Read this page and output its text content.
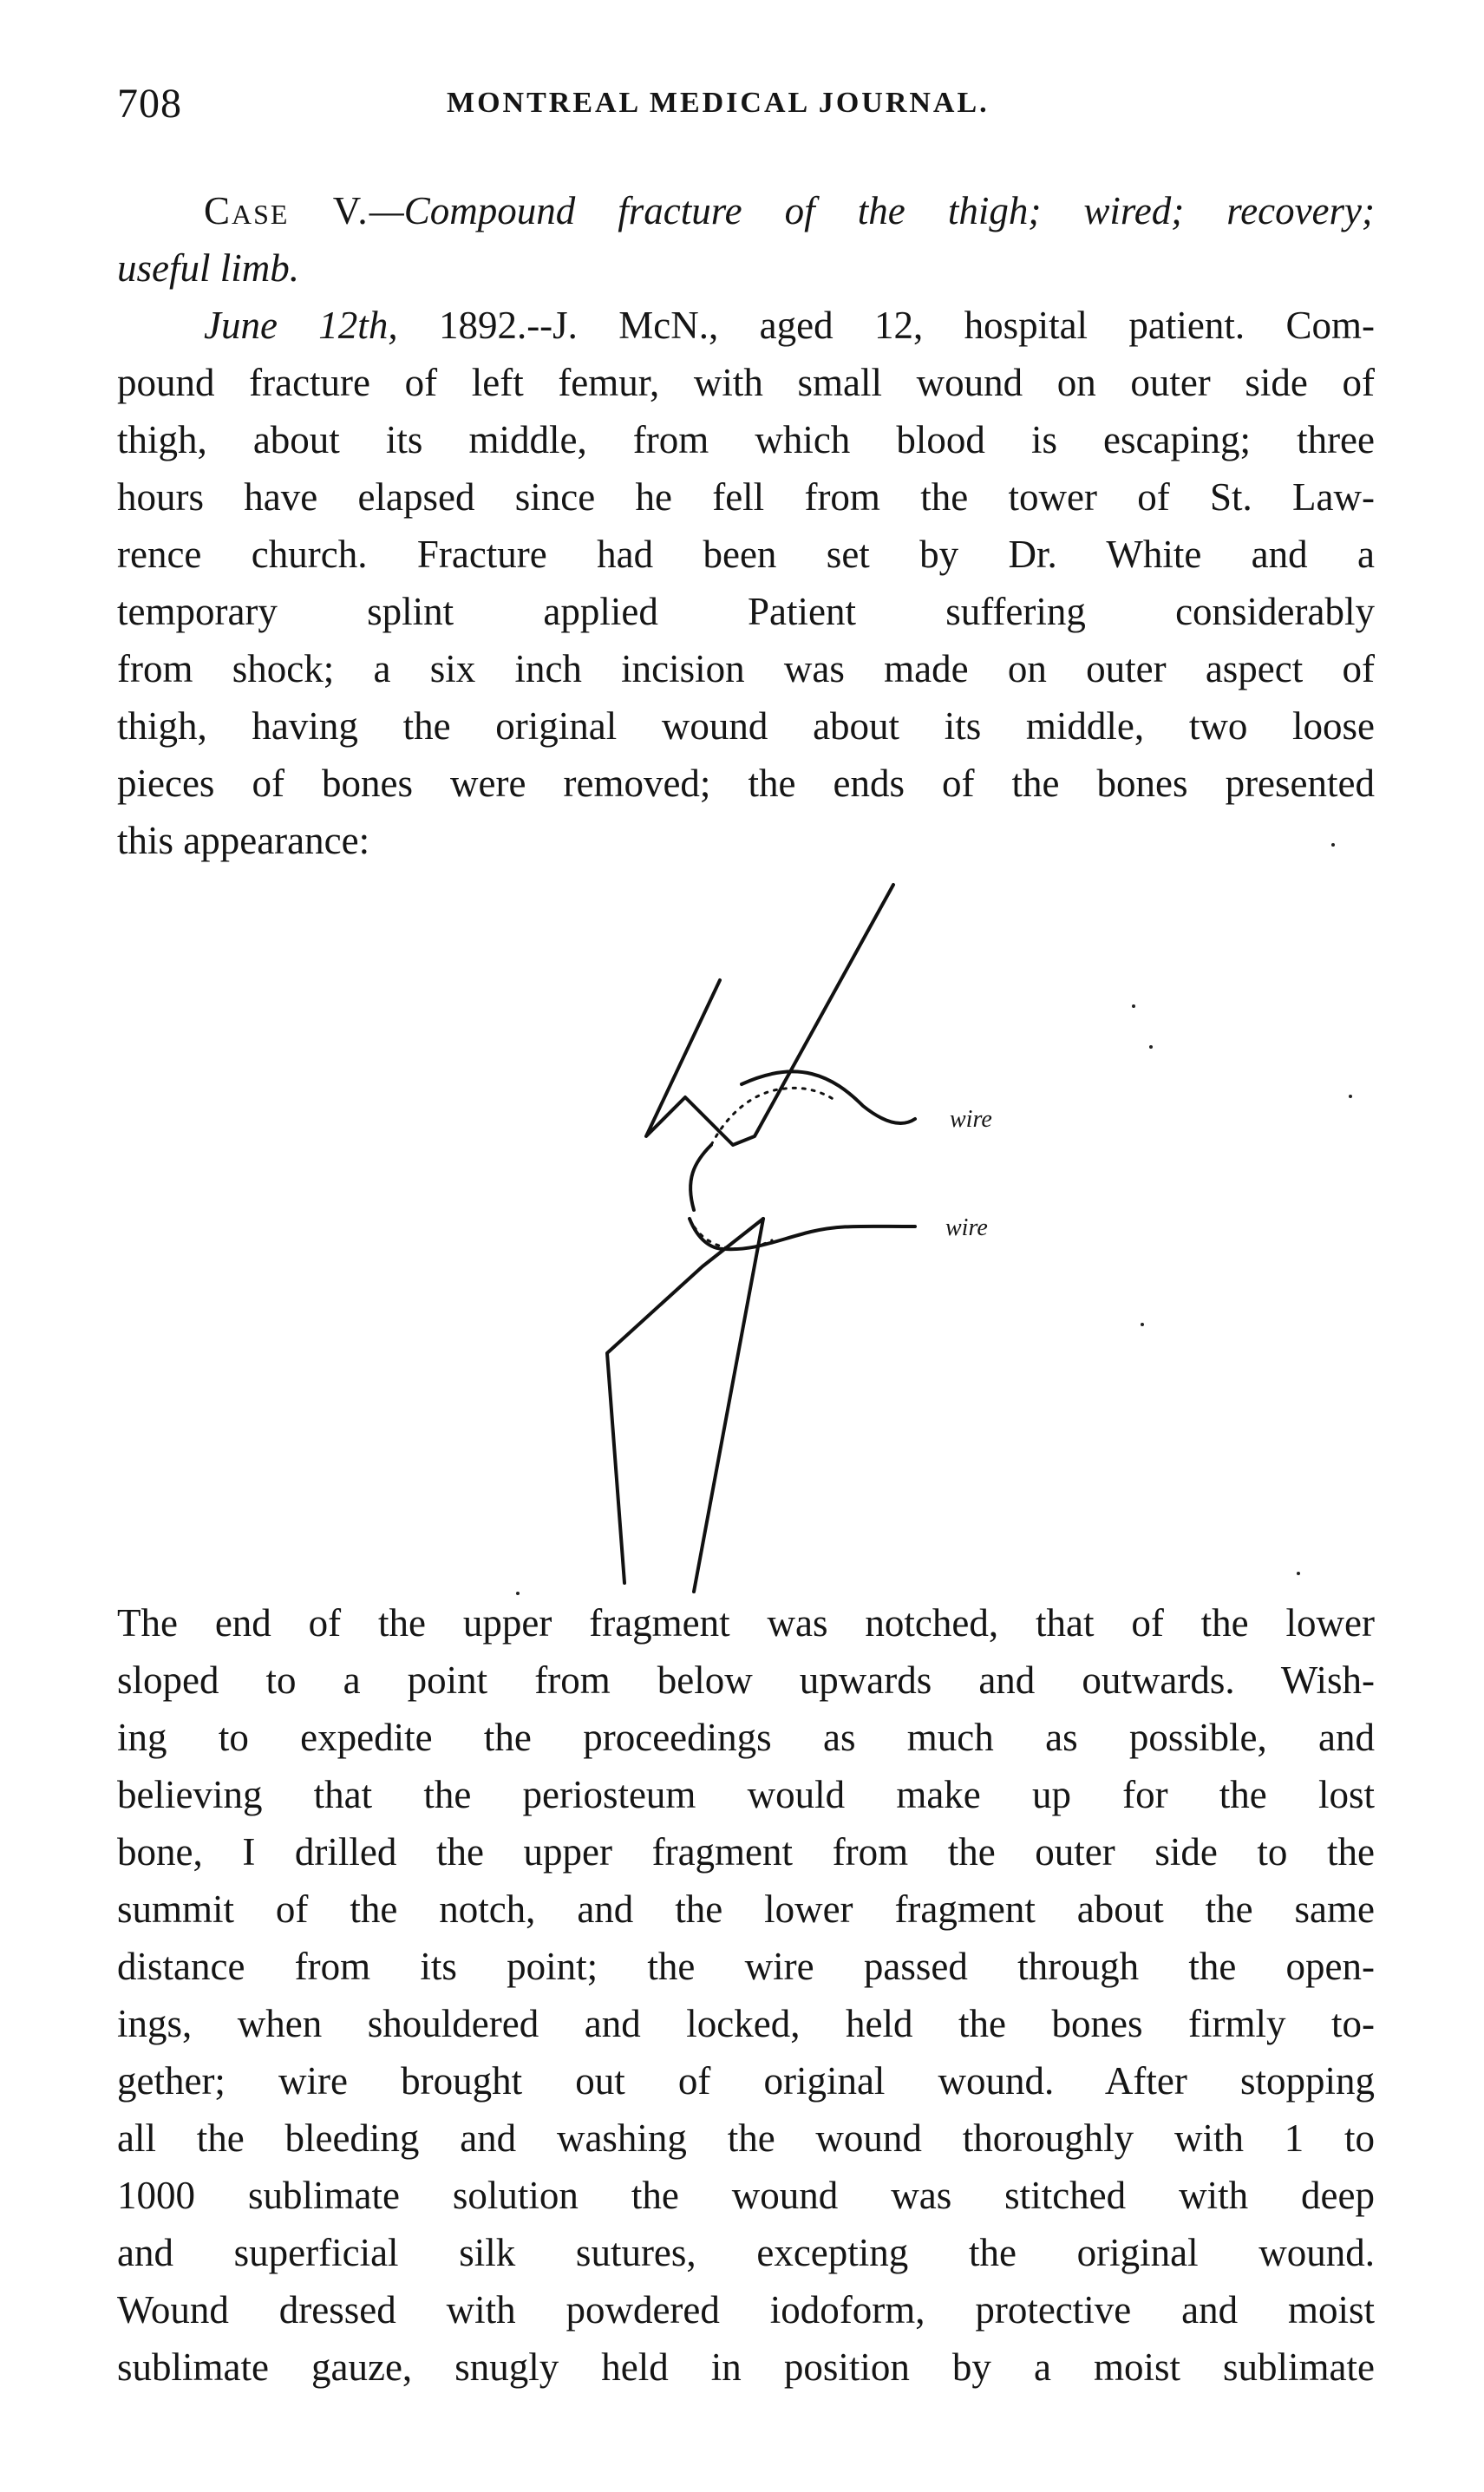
708	MONTREAL MEDICAL JOURNAL.
Case V.—Compound fracture of the thigh; wired; recovery;
useful limb.
June 12th, 1892.--J. McN., aged 12, hospital patient. Com-
pound fracture of left femur, with small wound on outer side of
thigh, about its middle, from which blood is escaping; three
hours have elapsed since he fell from the tower of St. Law-
rence church. Fracture had been set by Dr. White and a
temporary splint applied Patient suffering considerably
from shock; a six inch incision was made on outer aspect of
thigh, having the original wound about its middle, two loose
pieces of bones were removed; the ends of the bones presented
this appearance:
wire
wire
The end of the upper fragment was notched, that of the lower
sloped to a point from below upwards and outwards. Wish-
ing to expedite the proceedings as much as possible, and
believing that the periosteum would make up for the lost
bone, I drilled the upper fragment from the outer side to the
summit of the notch, and the lower fragment about the same
distance from its point; the wire passed through the open-
ings, when shouldered and locked, held the bones firmly to-
gether; wire brought out of original wound. After stopping
all the bleeding and washing the wound thoroughly with 1 to
1000 sublimate solution the wound was stitched with deep
and superficial silk sutures, excepting the original wound.
Wound dressed with powdered iodoform, protective and moist
sublimate gauze, snugly held in position by a moist sublimate
